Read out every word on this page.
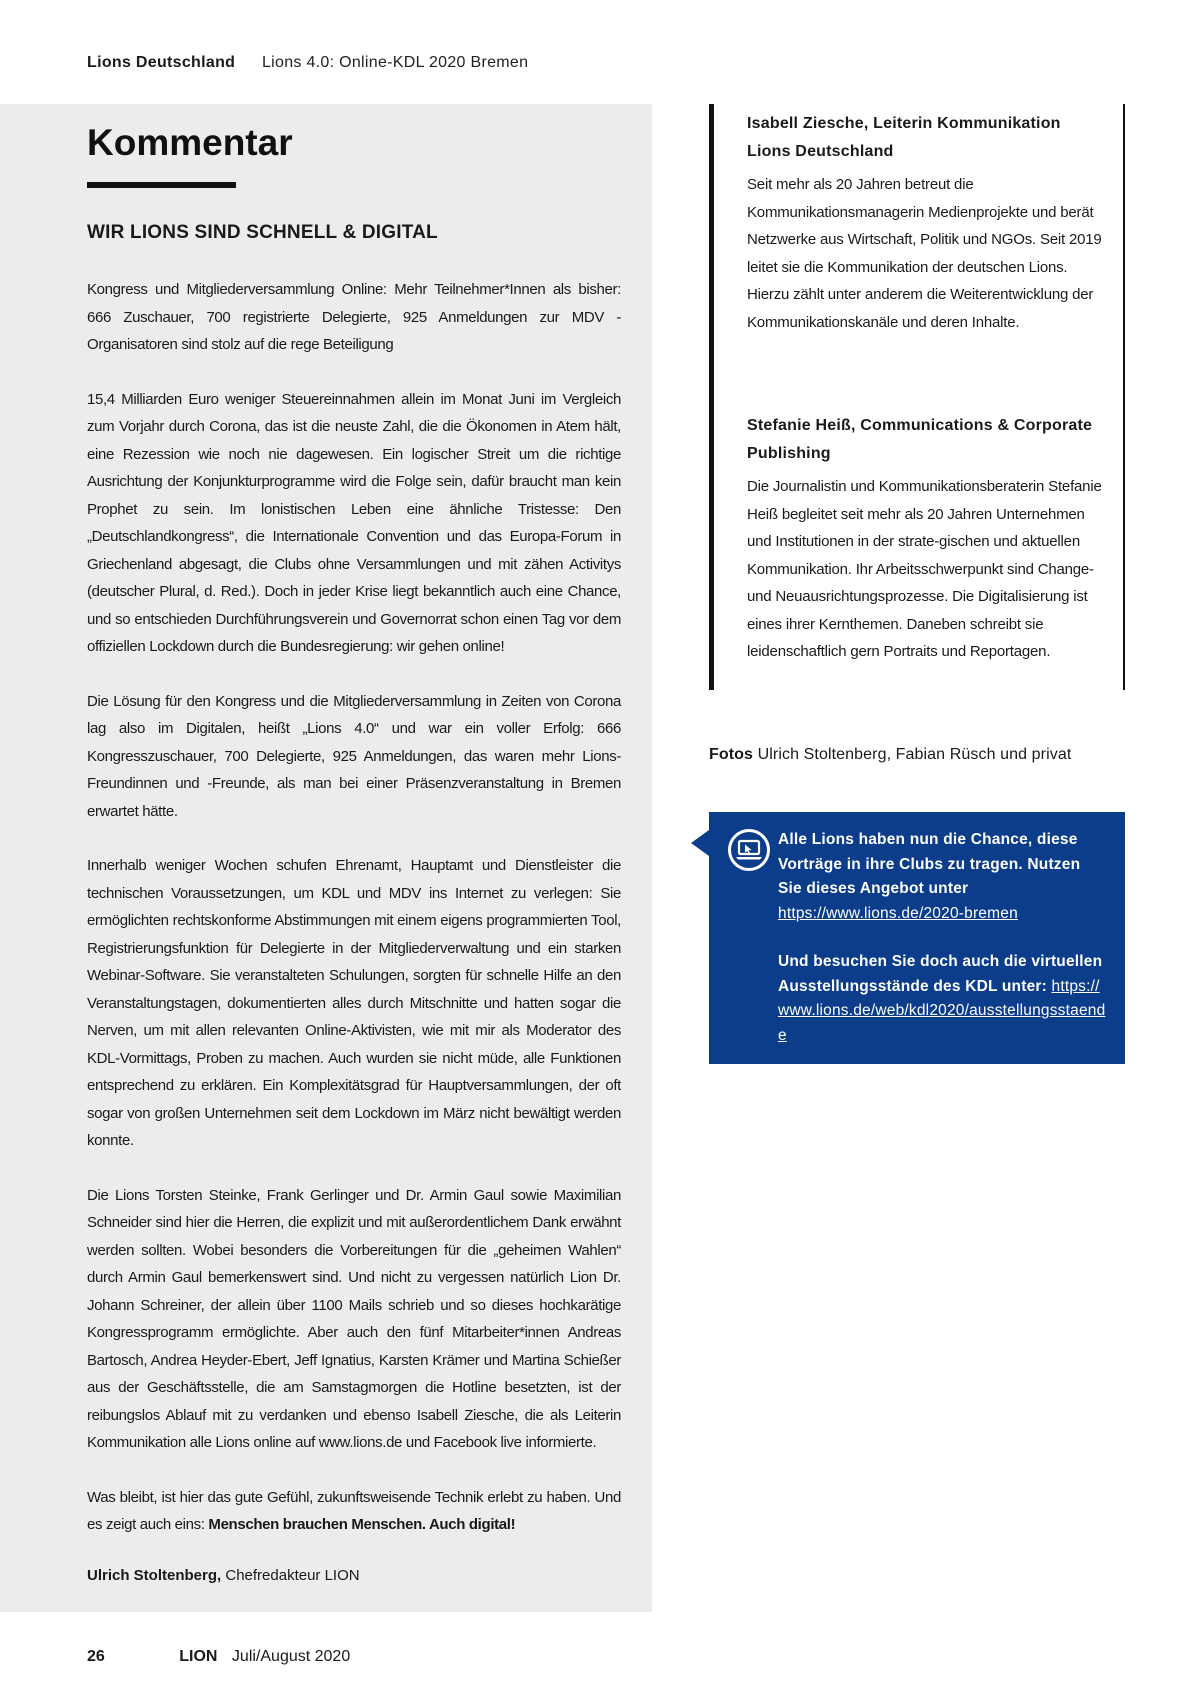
Lions Deutschland Lions 4.0: Online-KDL 2020 Bremen
Kommentar
WIR LIONS SIND SCHNELL & DIGITAL

Kongress und Mitgliederversammlung Online: Mehr Teilnehmer*Innen als bisher: 666 Zuschauer, 700 registrierte Delegierte, 925 Anmeldungen zur MDV - Organisatoren sind stolz auf die rege Beteiligung

15,4 Milliarden Euro weniger Steuereinnahmen allein im Monat Juni im Vergleich zum Vorjahr durch Corona, das ist die neuste Zahl, die die Ökonomen in Atem hält, eine Rezession wie noch nie dagewesen. Ein logischer Streit um die richtige Ausrichtung der Konjunkturprogramme wird die Folge sein, dafür braucht man kein Prophet zu sein. Im lonistischen Leben eine ähnliche Tristesse: Den „Deutschlandkongress“, die Internationale Convention und das Europa-Forum in Griechenland abgesagt, die Clubs ohne Versammlungen und mit zähen Activitys (deutscher Plural, d. Red.). Doch in jeder Krise liegt bekanntlich auch eine Chance, und so entschieden Durchführungsverein und Governorrat schon einen Tag vor dem offiziellen Lockdown durch die Bundesregierung: wir gehen online!

Die Lösung für den Kongress und die Mitgliederversammlung in Zeiten von Corona lag also im Digitalen, heißt „Lions 4.0“ und war ein voller Erfolg: 666 Kongresszuschauer, 700 Delegierte, 925 Anmeldungen, das waren mehr Lions-Freundinnen und -Freunde, als man bei einer Präsenzveranstaltung in Bremen erwartet hätte.

Innerhalb weniger Wochen schufen Ehrenamt, Hauptamt und Dienstleister die technischen Voraussetzungen, um KDL und MDV ins Internet zu verlegen: Sie ermöglichten rechtskonforme Abstimmungen mit einem eigens programmierten Tool, Registrierungsfunktion für Delegierte in der Mitgliederverwaltung und ein starken Webinar-Software. Sie veranstalteten Schulungen, sorgten für schnelle Hilfe an den Veranstaltungstagen, dokumentierten alles durch Mitschnitte und hatten sogar die Nerven, um mit allen relevanten Online-Aktivisten, wie mit mir als Moderator des KDL-Vormittags, Proben zu machen. Auch wurden sie nicht müde, alle Funktionen entsprechend zu erklären. Ein Komplexitätsgrad für Hauptversammlungen, der oft sogar von großen Unternehmen seit dem Lockdown im März nicht bewältigt werden konnte.

Die Lions Torsten Steinke, Frank Gerlinger und Dr. Armin Gaul sowie Maximilian Schneider sind hier die Herren, die explizit und mit außerordentlichem Dank erwähnt werden sollten. Wobei besonders die Vorbereitungen für die „geheimen Wahlen“ durch Armin Gaul bemerkenswert sind. Und nicht zu vergessen natürlich Lion Dr. Johann Schreiner, der allein über 1100 Mails schrieb und so dieses hochkarätige Kongressprogramm ermöglichte. Aber auch den fünf Mitarbeiter*innen Andreas Bartosch, Andrea Heyder-Ebert, Jeff Ignatius, Karsten Krämer und Martina Schießer aus der Geschäftsstelle, die am Samstagmorgen die Hotline besetzten, ist der reibungslos Ablauf mit zu verdanken und ebenso Isabell Ziesche, die als Leiterin Kommunikation alle Lions online auf www.lions.de und Facebook live informierte.

Was bleibt, ist hier das gute Gefühl, zukunftsweisende Technik erlebt zu haben. Und es zeigt auch eins: Menschen brauchen Menschen. Auch digital!

Ulrich Stoltenberg, Chefredakteur LION

Isabell Ziesche, Leiterin Kommunikation Lions Deutschland

Seit mehr als 20 Jahren betreut die Kommunikationsmanagerin Medienprojekte und berät Netzwerke aus Wirtschaft, Politik und NGOs. Seit 2019 leitet sie die Kommunikation der deutschen Lions. Hierzu zählt unter anderem die Weiterentwicklung der Kommunikationskanäle und deren Inhalte.

Stefanie Heiß, Communications & Corporate Publishing

Die Journalistin und Kommunikationsberaterin Stefanie Heiß begleitet seit mehr als 20 Jahren Unternehmen und Institutionen in der strate-gischen und aktuellen Kommunikation. Ihr Arbeitsschwerpunkt sind Change- und Neuausrichtungsprozesse. Die Digitalisierung ist eines ihrer Kernthemen. Daneben schreibt sie leidenschaftlich gern Portraits und Reportagen.

Fotos Ulrich Stoltenberg, Fabian Rüsch und privat
Alle Lions haben nun die Chance, diese Vorträge in ihre Clubs zu tragen. Nutzen Sie dieses Angebot unter
https://www.lions.de/2020-bremen
Und besuchen Sie doch auch die virtuellen Ausstellungsstände des KDL unter: https://www.lions.de/web/kdl2020/ausstellungsstaende
26	LION Juli/August 2020
